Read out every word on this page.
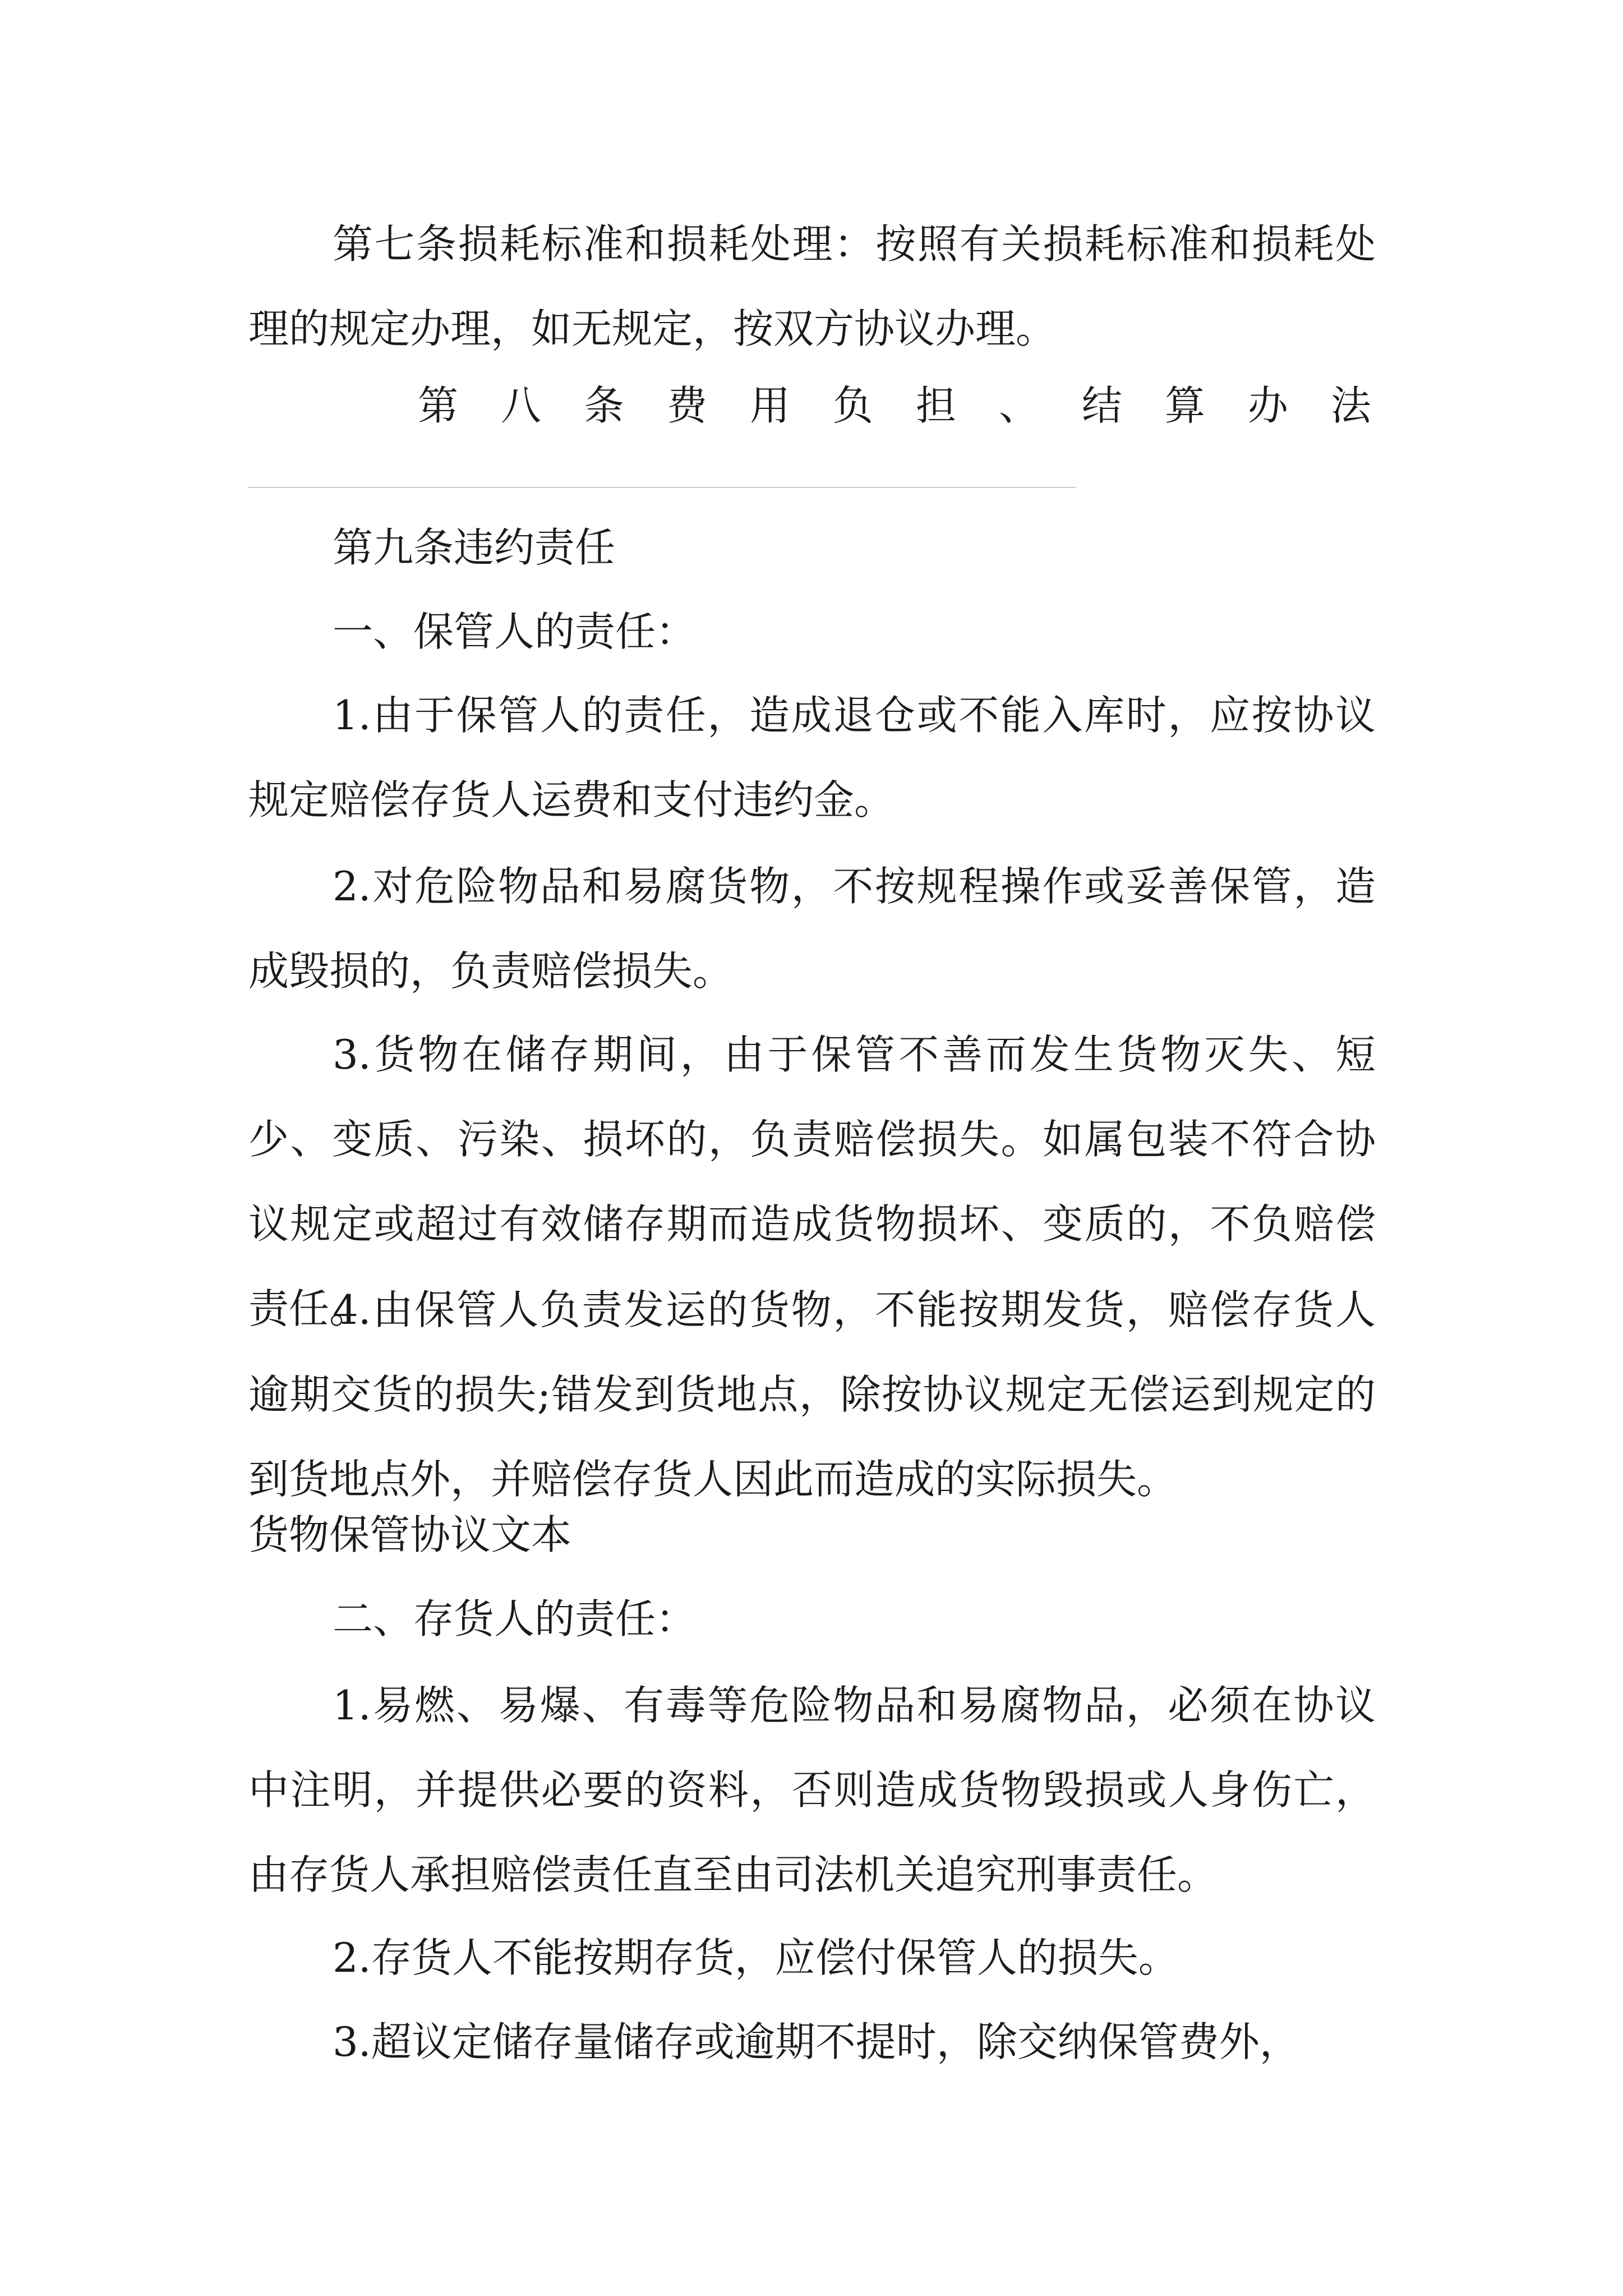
第七条损耗标准和损耗处理：按照有关损耗标准和损耗处理的规定办理，如无规定，按双方协议办理。
第 八 条 费 用 负 担 、 结 算 办 法
第九条违约责任
一、保管人的责任：
1.由于保管人的责任，造成退仓或不能入库时，应按协议规定赔偿存货人运费和支付违约金。
2.对危险物品和易腐货物，不按规程操作或妥善保管，造成毁损的，负责赔偿损失。
3.货物在储存期间，由于保管不善而发生货物灭失、短少、变质、污染、损坏的，负责赔偿损失。如属包装不符合协议规定或超过有效储存期而造成货物损坏、变质的，不负赔偿责任。
4.由保管人负责发运的货物，不能按期发货，赔偿存货人逾期交货的损失;错发到货地点，除按协议规定无偿运到规定的到货地点外，并赔偿存货人因此而造成的实际损失。
货物保管协议文本
二、存货人的责任：
1.易燃、易爆、有毒等危险物品和易腐物品，必须在协议中注明，并提供必要的资料，否则造成货物毁损或人身伤亡，由存货人承担赔偿责任直至由司法机关追究刑事责任。
2.存货人不能按期存货，应偿付保管人的损失。
3.超议定储存量储存或逾期不提时，除交纳保管费外，
